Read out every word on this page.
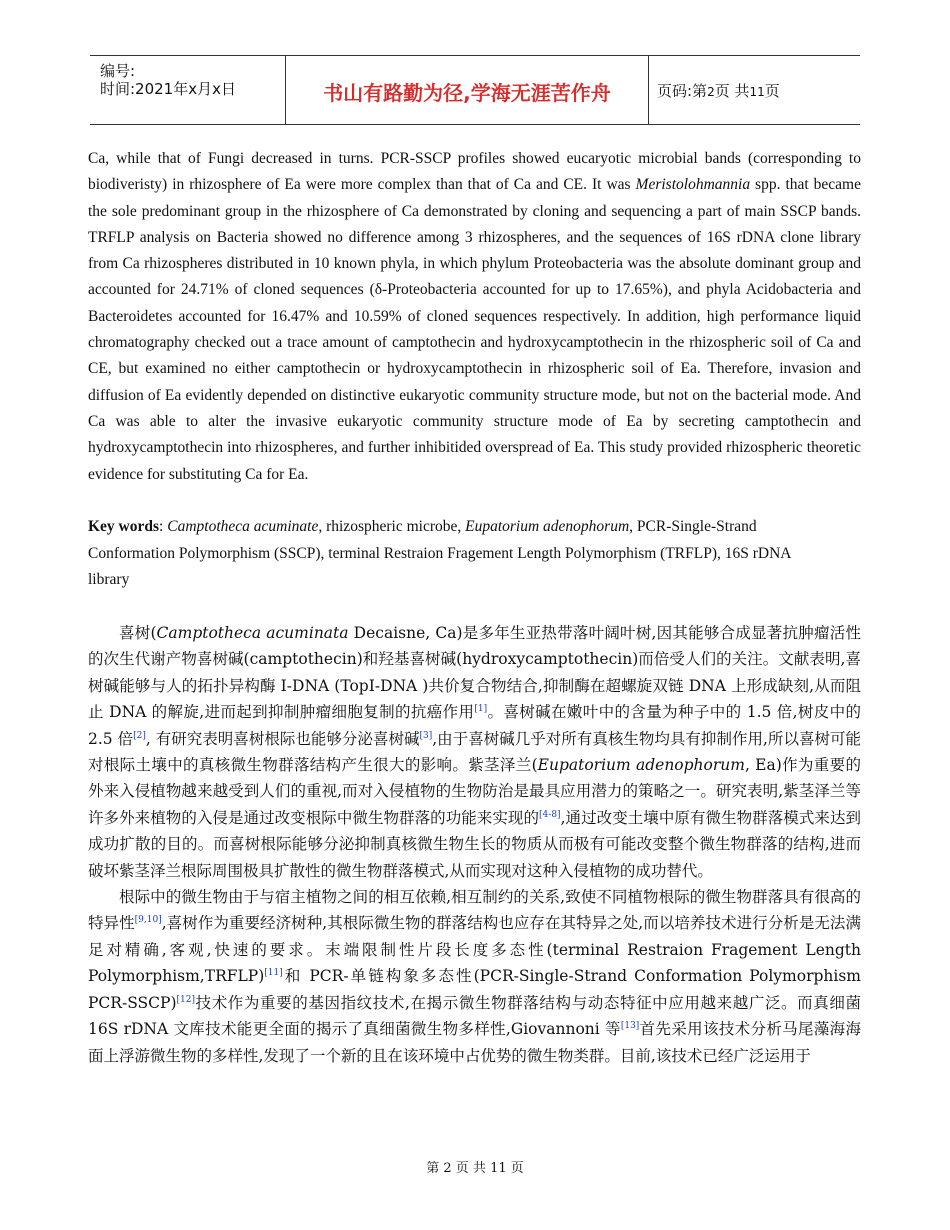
编号:
时间:2021年x月x日	书山有路勤为径,学海无涯苦作舟	页码:第2页 共11页

Ca, while that of Fungi decreased in turns. PCR-SSCP profiles showed eucaryotic microbial bands (corresponding to biodiveristy) in rhizosphere of Ea were more complex than that of Ca and CE. It was Meristolohmannia spp. that became the sole predominant group in the rhizosphere of Ca demonstrated by cloning and sequencing a part of main SSCP bands. TRFLP analysis on Bacteria showed no difference among 3 rhizospheres, and the sequences of 16S rDNA clone library from Ca rhizospheres distributed in 10 known phyla, in which phylum Proteobacteria was the absolute dominant group and accounted for 24.71% of cloned sequences (δ-Proteobacteria accounted for up to 17.65%), and phyla Acidobacteria and Bacteroidetes accounted for 16.47% and 10.59% of cloned sequences respectively. In addition, high performance liquid chromatography checked out a trace amount of camptothecin and hydroxycamptothecin in the rhizospheric soil of Ca and CE, but examined no either camptothecin or hydroxycamptothecin in rhizospheric soil of Ea. Therefore, invasion and diffusion of Ea evidently depended on distinctive eukaryotic community structure mode, but not on the bacterial mode. And Ca was able to alter the invasive eukaryotic community structure mode of Ea by secreting camptothecin and hydroxycamptothecin into rhizospheres, and further inhibitided overspread of Ea. This study provided rhizospheric theoretic evidence for substituting Ca for Ea.

Key words: Camptotheca acuminate, rhizospheric microbe, Eupatorium adenophorum, PCR-Single-Strand

Conformation Polymorphism (SSCP), terminal Restraion Fragement Length Polymorphism (TRFLP), 16S rDNA

library

喜树(Camptotheca acuminata Decaisne, Ca)是多年生亚热带落叶阔叶树,因其能够合成显著抗肿瘤活性的次生代谢产物喜树碱(camptothecin)和羟基喜树碱(hydroxycamptothecin)而倍受人们的关注。文献表明,喜树碱能够与人的拓扑异构酶 I-DNA (TopI-DNA )共价复合物结合,抑制酶在超螺旋双链 DNA 上形成缺刻,从而阻止 DNA 的解旋,进而起到抑制肿瘤细胞复制的抗癌作用[1]。喜树碱在嫩叶中的含量为种子中的 1.5 倍,树皮中的 2.5 倍[2], 有研究表明喜树根际也能够分泌喜树碱[3],由于喜树碱几乎对所有真核生物均具有抑制作用,所以喜树可能对根际土壤中的真核微生物群落结构产生很大的影响。紫茎泽兰(Eupatorium adenophorum, Ea)作为重要的外来入侵植物越来越受到人们的重视,而对入侵植物的生物防治是最具应用潜力的策略之一。研究表明,紫茎泽兰等许多外来植物的入侵是通过改变根际中微生物群落的功能来实现的[4-8],通过改变土壤中原有微生物群落模式来达到成功扩散的目的。而喜树根际能够分泌抑制真核微生物生长的物质从而极有可能改变整个微生物群落的结构,进而破坏紫茎泽兰根际周围极具扩散性的微生物群落模式,从而实现对这种入侵植物的成功替代。

根际中的微生物由于与宿主植物之间的相互依赖,相互制约的关系,致使不同植物根际的微生物群落具有很高的特异性[9,10],喜树作为重要经济树种,其根际微生物的群落结构也应存在其特异之处,而以培养技术进行分析是无法满足对精确,客观,快速的要求。末端限制性片段长度多态性(terminal Restraion Fragement Length Polymorphism,TRFLP)[11]和 PCR-单链构象多态性(PCR-Single-Strand Conformation Polymorphism PCR-SSCP)[12]技术作为重要的基因指纹技术,在揭示微生物群落结构与动态特征中应用越来越广泛。而真细菌 16S rDNA 文库技术能更全面的揭示了真细菌微生物多样性,Giovannoni 等[13]首先采用该技术分析马尾藻海海面上浮游微生物的多样性,发现了一个新的且在该环境中占优势的微生物类群。目前,该技术已经广泛运用于

第 2 页 共 11 页
